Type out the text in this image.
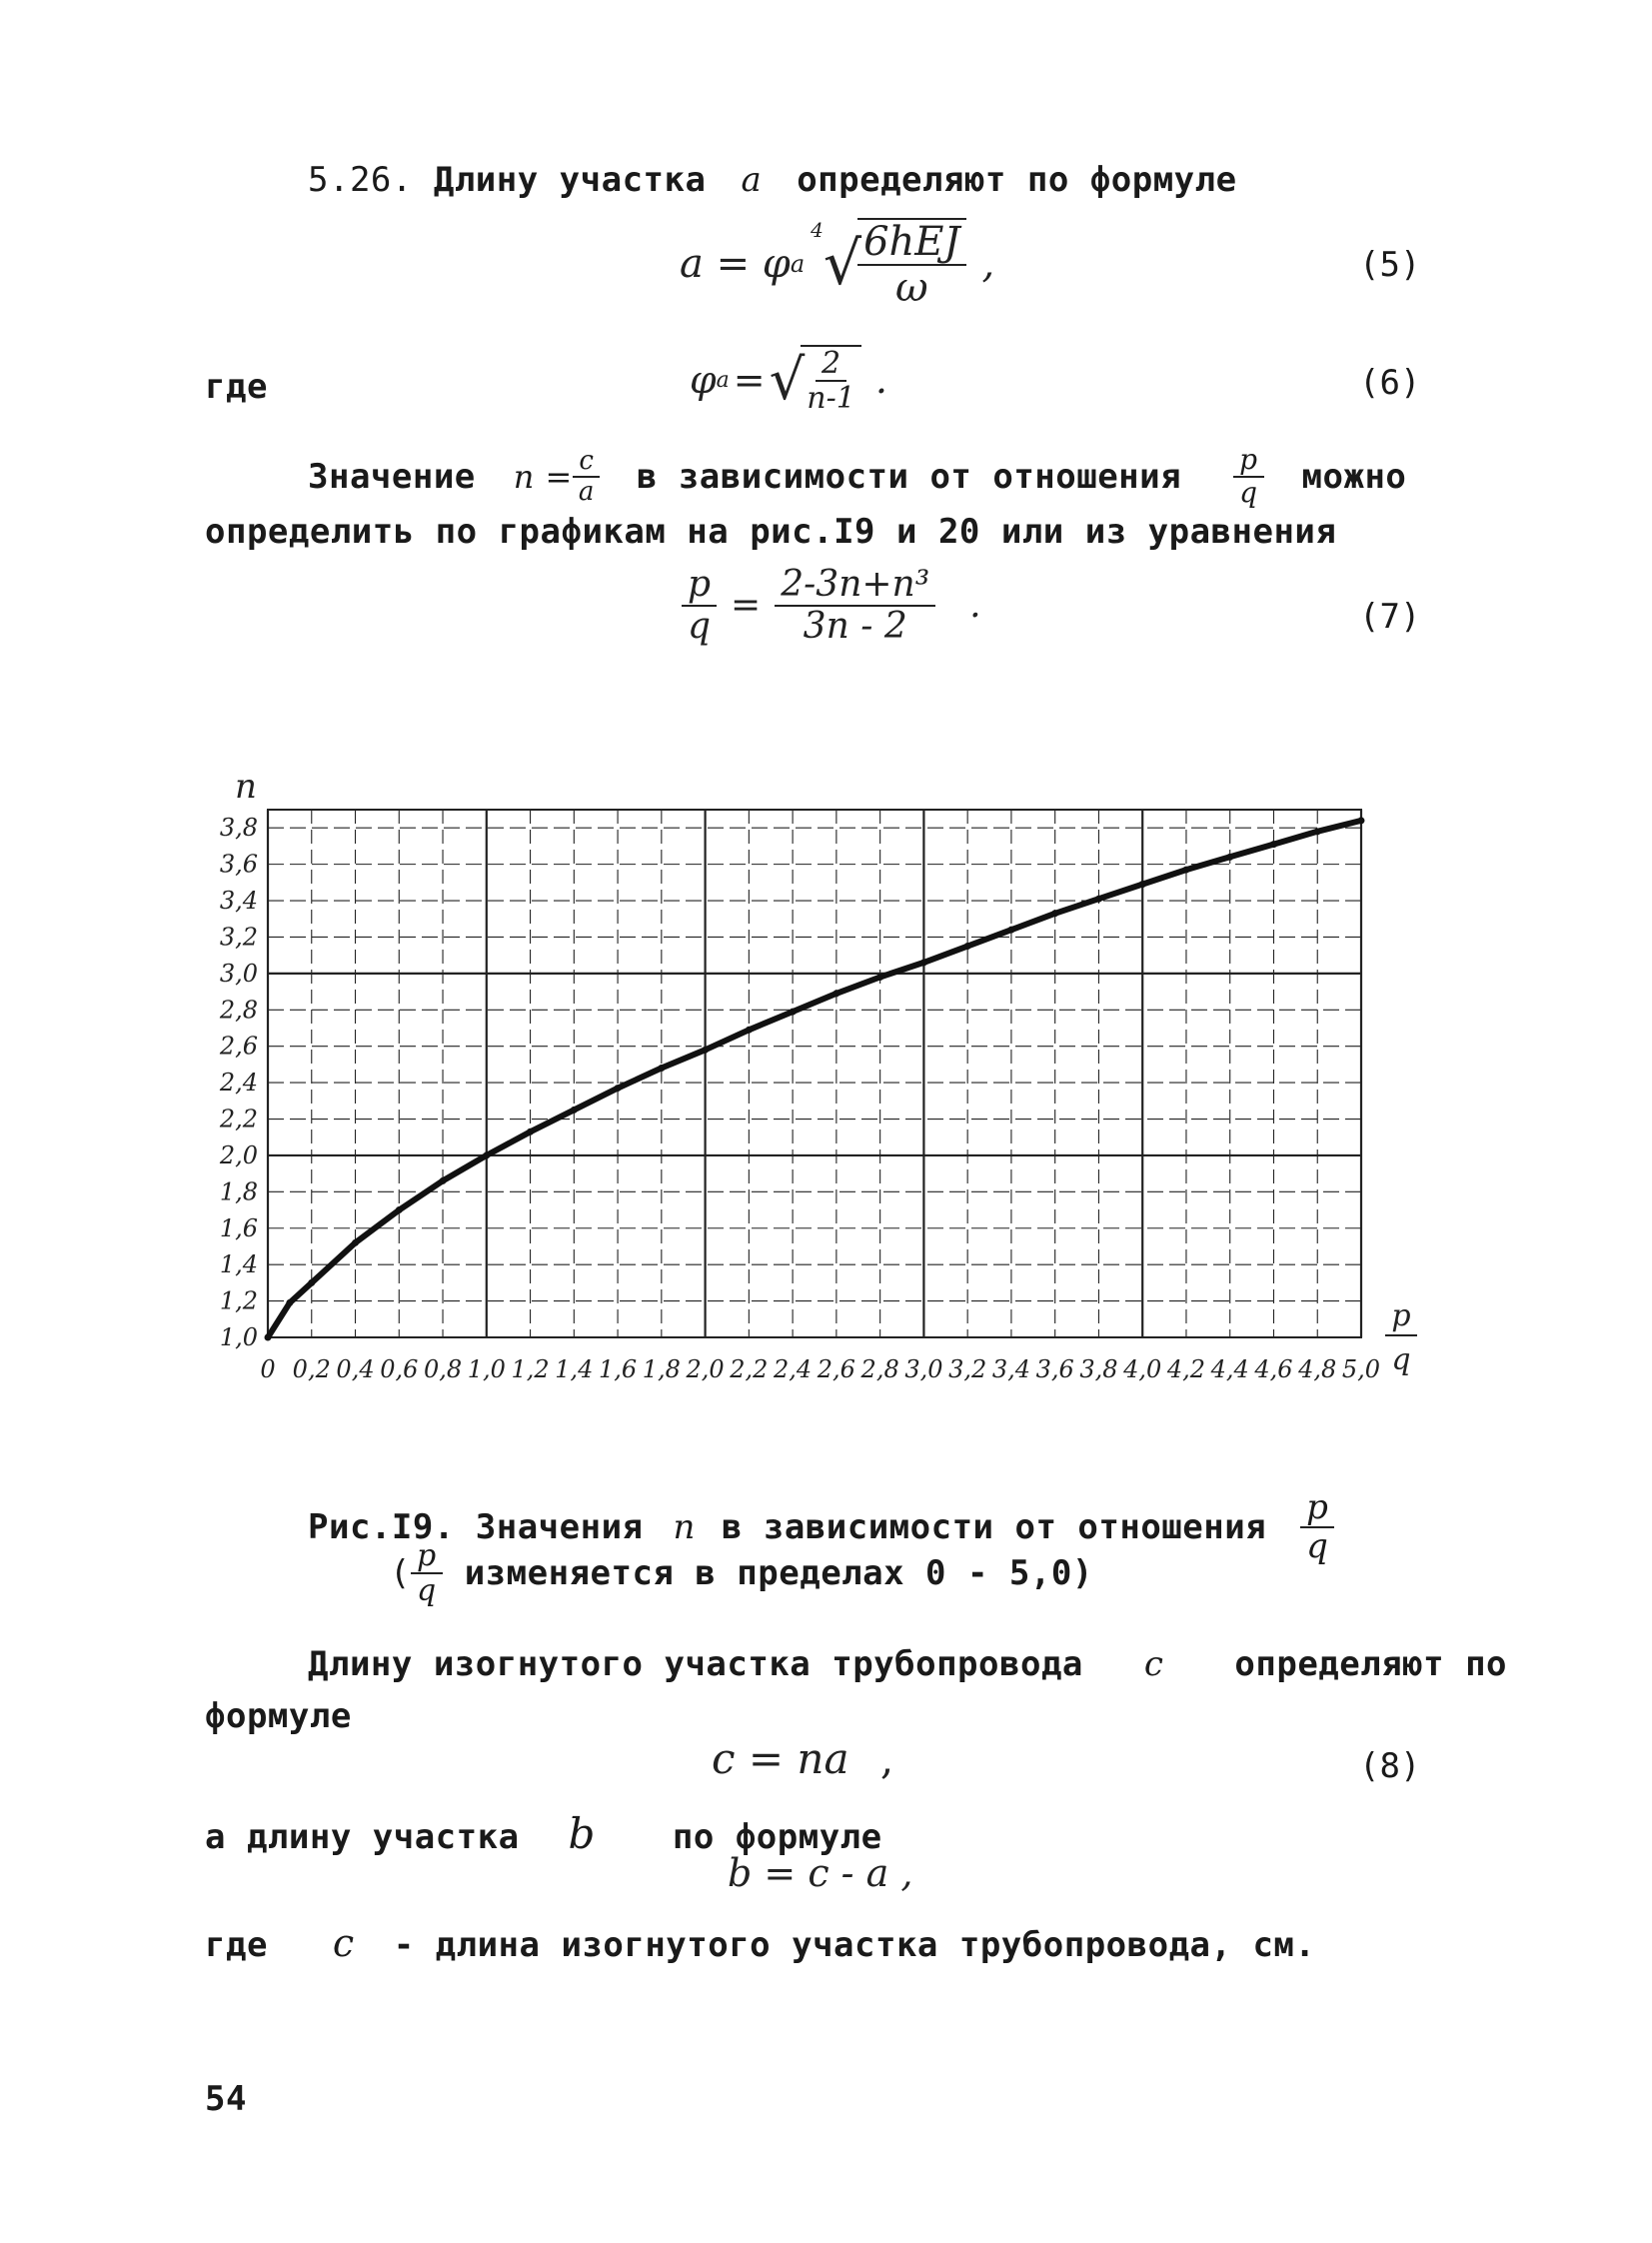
5.26. Длину участка a определяют по формуле
a = φ a
4 √
$\frac{\text{6hEJ}}{\omega}$ ,	(5)
где	φ a = √
$\frac{2}{n-1}$ .	(6)
Значение $n = \frac{c}{a}$ в зависимости от отношения $\frac{p}{q}$ можно
определить по графикам на рис.I9 и 20 или из уравнения
$\frac{p}{q} = \frac{\text{2-3n+n³}}{3n - 2}$ .	(7)
0 0,2 0,4 0,6 0,8 1,0 1,2 1,4 1,6 1,8 2,0 2,2 2,4 2,6 2,8 3,0 3,2 3,4 3,6 3,8 4,0 4,2 4,4 4,6 4,8 5,0
1,0
1,2
1,4
1,6
1,8
2,0
2,2
2,4
2,6
2,8
3,0
3,2
3,4
3,6
3,8
n
p
q
Рис.I9. Значения n в зависимости от отношения $\frac{p}{q}$
( $\frac{p}{q}$ изменяется в пределах 0 - 5,0)
Длину изогнутого участка трубопровода c определяют по
формуле
c = na ,	(8)
а длину участка b по формуле
b = c - a ,
где c - длина изогнутого участка трубопровода, см.
54
